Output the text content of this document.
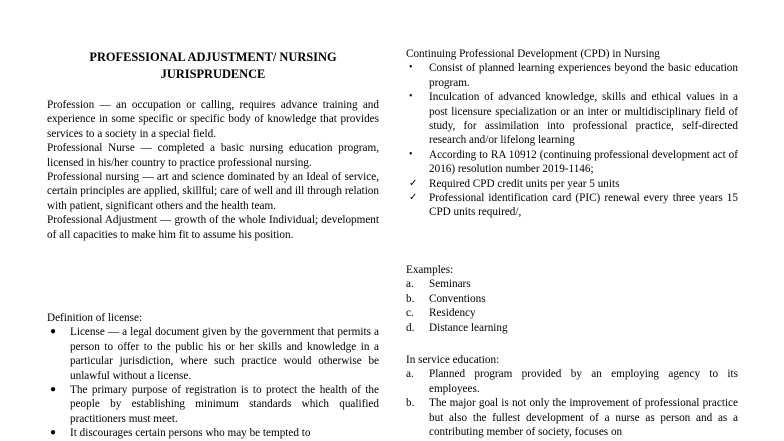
PROFESSIONAL ADJUSTMENT/ NURSING JURISPRUDENCE

Profession — an occupation or calling, requires advance training and experience in some specific or specific body of knowledge that provides services to a society in a special field.

Professional Nurse — completed a basic nursing education program, licensed in his/her country to practice professional nursing.

Professional nursing — art and science dominated by an Ideal of service, certain principles are applied, skillful; care of well and ill through relation with patient, significant others and the health team.

Professional Adjustment — growth of the whole Individual; development of all capacities to make him fit to assume his position.

Definition of license:

● License — a legal document given by the government that permits a person to offer to the public his or her skills and knowledge in a particular jurisdiction, where such practice would otherwise be unlawful without a license.
● The primary purpose of registration is to protect the health of the people by establishing minimum standards which qualified practitioners must meet.
● It discourages certain persons who may be tempted to

Continuing Professional Development (CPD) in Nursing

• Consist of planned learning experiences beyond the basic education program.
• Inculcation of advanced knowledge, skills and ethical values in a post licensure specialization or an inter or multidisciplinary field of study, for assimilation into professional practice, self-directed research and/or lifelong learning
• According to RA 10912 (continuing professional development act of 2016) resolution number 2019-1146;
✓ Required CPD credit units per year 5 units
✓ Professional identification card (PIC) renewal every three years 15 CPD units required/,

Examples:

a. Seminars
b. Conventions
c. Residency
d. Distance learning

In service education:

a. Planned program provided by an employing agency to its employees.
b. The major goal is not only the improvement of professional practice but also the fullest development of a nurse as person and as a contributing member of society, focuses on
